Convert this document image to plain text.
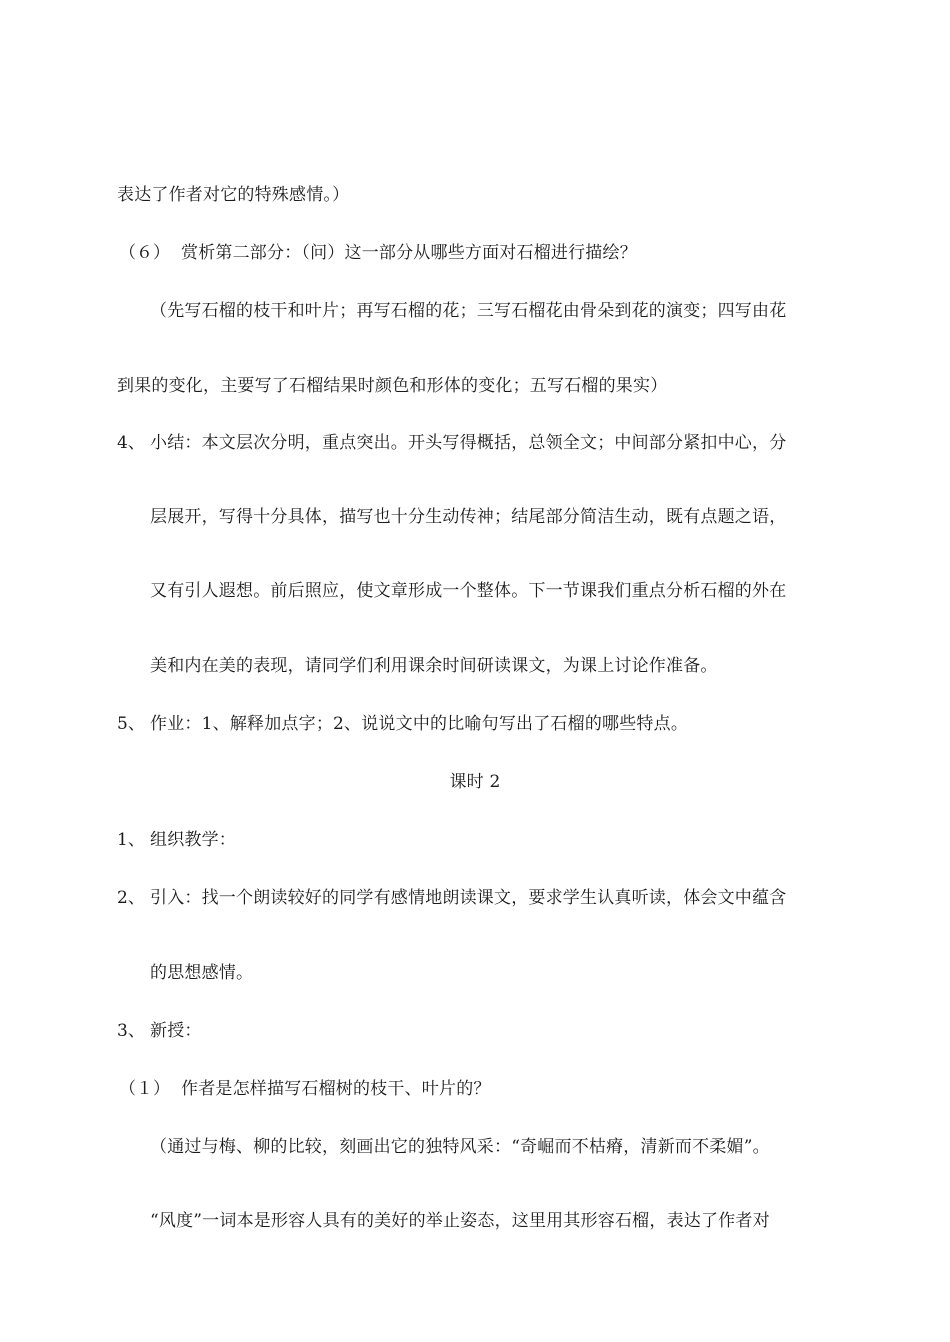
表达了作者对它的特殊感情。）
（６） 赏析第二部分：（问）这一部分从哪些方面对石榴进行描绘？
（先写石榴的枝干和叶片；再写石榴的花；三写石榴花由骨朵到花的演变；四写由花
到果的变化，主要写了石榴结果时颜色和形体的变化；五写石榴的果实）
4、 小结：本文层次分明，重点突出。开头写得概括，总领全文；中间部分紧扣中心，分
层展开，写得十分具体，描写也十分生动传神；结尾部分简洁生动，既有点题之语，
又有引人遐想。前后照应，使文章形成一个整体。下一节课我们重点分析石榴的外在
美和内在美的表现，请同学们利用课余时间研读课文，为课上讨论作准备。
5、 作业：1、解释加点字；2、说说文中的比喻句写出了石榴的哪些特点。
课时 2
1、 组织教学：
2、 引入：找一个朗读较好的同学有感情地朗读课文，要求学生认真听读，体会文中蕴含
的思想感情。
3、 新授：
（１） 作者是怎样描写石榴树的枝干、叶片的？
（通过与梅、柳的比较，刻画出它的独特风采：“奇崛而不枯瘠，清新而不柔媚”。
“风度”一词本是形容人具有的美好的举止姿态，这里用其形容石榴，表达了作者对
